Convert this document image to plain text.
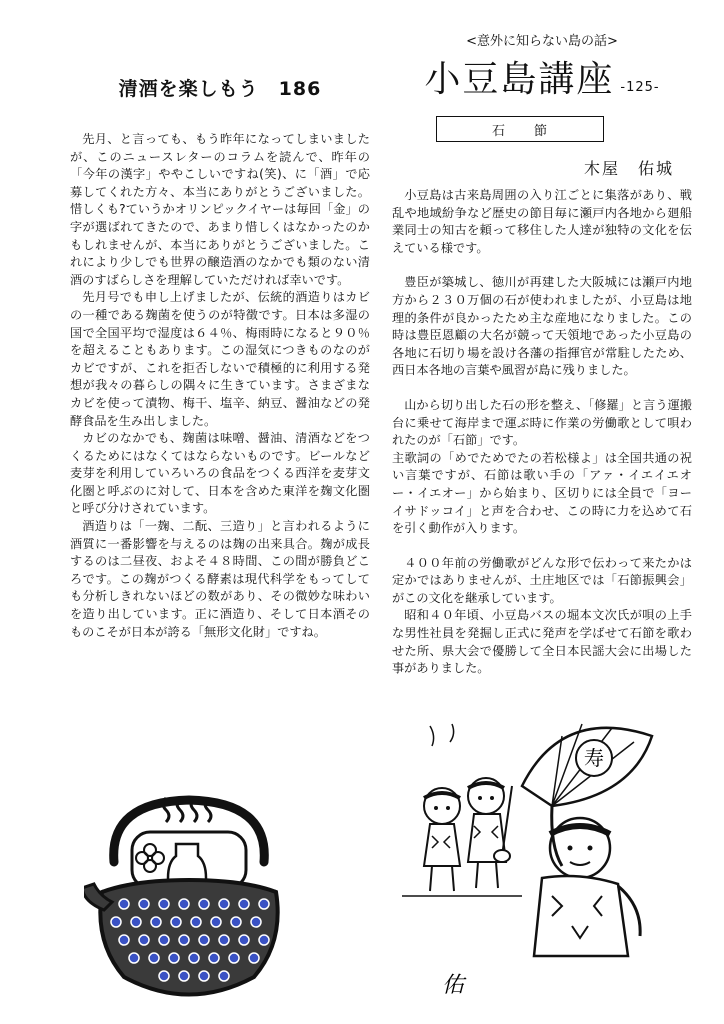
清酒を楽しもう　186

先月、と言っても、もう昨年になってしまいましたが、このニュースレターのコラムを読んで、昨年の「今年の漢字」ややこしいですね(笑)、に「酒」で応募してくれた方々、本当にありがとうございました。惜しくも?ていうかオリンピックイヤーは毎回「金」の字が選ばれてきたので、あまり惜しくはなかったのかもしれませんが、本当にありがとうございました。これにより少しでも世界の醸造酒のなかでも類のない清酒のすばらしさを理解していただければ幸いです。

先月号でも申し上げましたが、伝統的酒造りはカビの一種である麹菌を使うのが特徴です。日本は多湿の国で全国平均で湿度は６４％、梅雨時になると９０％を超えることもあります。この湿気につきものなのがカビですが、これを拒否しないで積極的に利用する発想が我々の暮らしの隅々に生きています。さまざまなカビを使って漬物、梅干、塩辛、納豆、醤油などの発酵食品を生み出しました。

カビのなかでも、麹菌は味噌、醤油、清酒などをつくるためにはなくてはならないものです。ビールなど麦芽を利用していろいろの食品をつくる西洋を麦芽文化圏と呼ぶのに対して、日本を含めた東洋を麹文化圏と呼び分けされています。

酒造りは「一麹、二酛、三造り」と言われるように酒質に一番影響を与えるのは麹の出来具合。麹が成長するのは二昼夜、およそ４８時間、この間が勝負どころです。この麹がつくる酵素は現代科学をもってしても分析しきれないほどの数があり、その微妙な味わいを造り出しています。正に酒造り、そして日本酒そのものこそが日本が誇る「無形文化財」ですね。

<意外に知らない島の話>

小豆島講座 -125-
石　　節
木屋　佑城

小豆島は古来島周囲の入り江ごとに集落があり、戦乱や地域紛争など歴史の節目毎に瀬戸内各地から廻船業同士の知古を頼って移住した人達が独特の文化を伝えている様です。

豊臣が築城し、徳川が再建した大阪城には瀬戸内地方から２３０万個の石が使われましたが、小豆島は地理的条件が良かったため主な産地になりました。この時は豊臣恩顧の大名が競って天領地であった小豆島の各地に石切り場を設け各藩の指揮官が常駐したため、西日本各地の言葉や風習が島に残りました。

山から切り出した石の形を整え、「修羅」と言う運搬台に乗せて海岸まで運ぶ時に作業の労働歌として唄われたのが「石節」です。

主歌詞の「めでためでたの若松様よ」は全国共通の祝い言葉ですが、石節は歌い手の「アァ・イエイエオー・イエオー」から始まり、区切りには全員で「ヨーイサドッコイ」と声を合わせ、この時に力を込めて石を引く動作が入ります。

４００年前の労働歌がどんな形で伝わって来たかは定かではありませんが、土庄地区では「石節振興会」がこの文化を継承しています。

昭和４０年頃、小豆島バスの堀本文次氏が唄の上手な男性社員を発掘し正式に発声を学ばせて石節を歌わせた所、県大会で優勝して全日本民謡大会に出場した事がありました。

寿
佑
